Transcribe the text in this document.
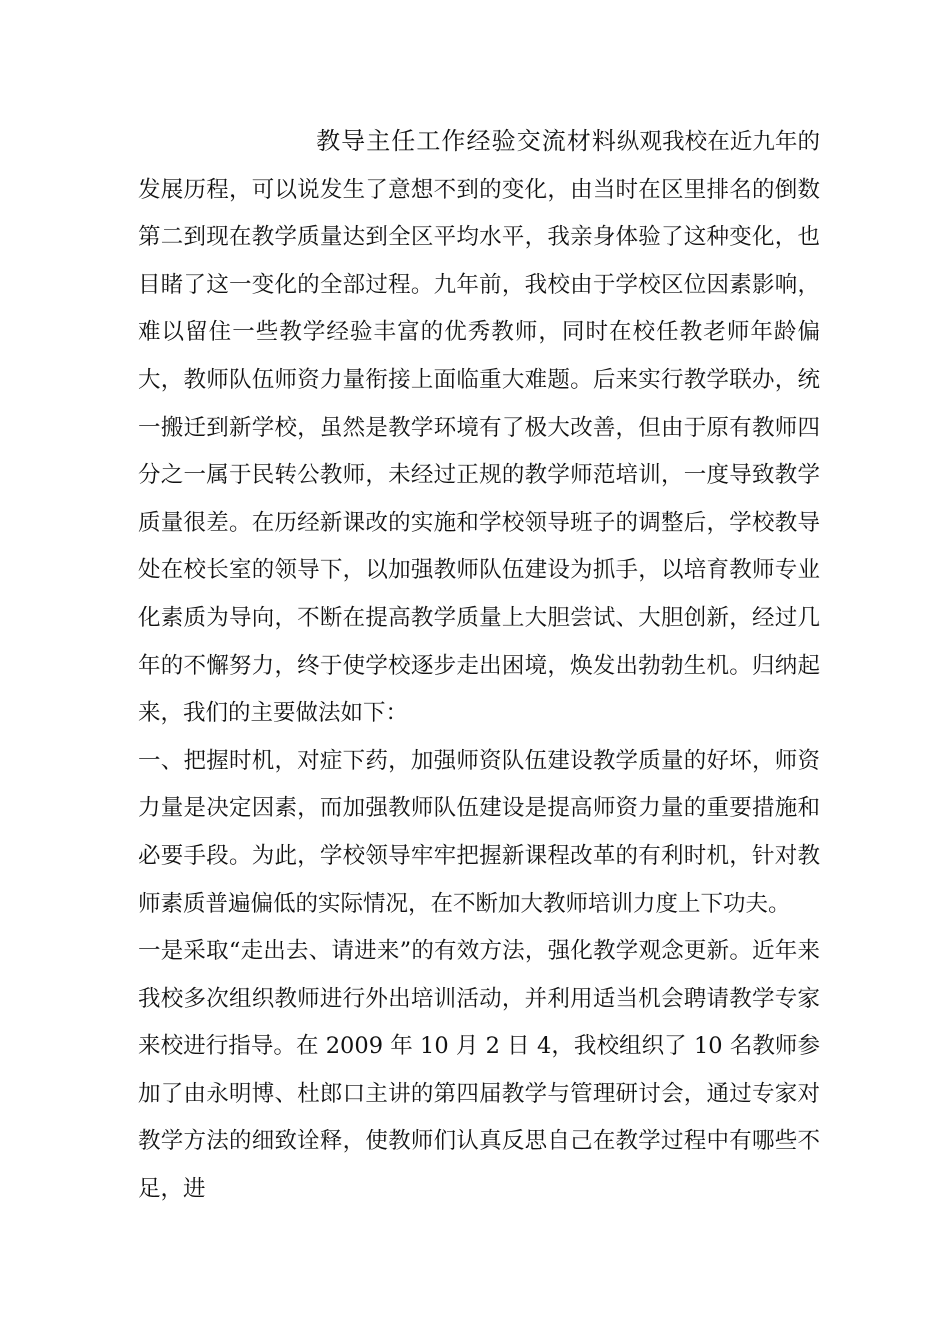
教导主任工作经验交流材料纵观我校在近九年的发展历程，可以说发生了意想不到的变化，由当时在区里排名的倒数第二到现在教学质量达到全区平均水平，我亲身体验了这种变化，也目睹了这一变化的全部过程。九年前，我校由于学校区位因素影响，难以留住一些教学经验丰富的优秀教师，同时在校任教老师年龄偏大，教师队伍师资力量衔接上面临重大难题。后来实行教学联办，统一搬迁到新学校，虽然是教学环境有了极大改善，但由于原有教师四分之一属于民转公教师，未经过正规的教学师范培训，一度导致教学质量很差。在历经新课改的实施和学校领导班子的调整后，学校教导处在校长室的领导下，以加强教师队伍建设为抓手，以培育教师专业化素质为导向，不断在提高教学质量上大胆尝试、大胆创新，经过几年的不懈努力，终于使学校逐步走出困境，焕发出勃勃生机。归纳起来，我们的主要做法如下：

一、把握时机，对症下药，加强师资队伍建设教学质量的好坏，师资力量是决定因素，而加强教师队伍建设是提高师资力量的重要措施和必要手段。为此，学校领导牢牢把握新课程改革的有利时机，针对教师素质普遍偏低的实际情况，在不断加大教师培训力度上下功夫。

一是采取“走出去、请进来”的有效方法，强化教学观念更新。近年来我校多次组织教师进行外出培训活动，并利用适当机会聘请教学专家来校进行指导。在 2009 年 10 月 2 日 4，我校组织了 10 名教师参加了由永明博、杜郎口主讲的第四届教学与管理研讨会，通过专家对教学方法的细致诠释，使教师们认真反思自己在教学过程中有哪些不足，进
